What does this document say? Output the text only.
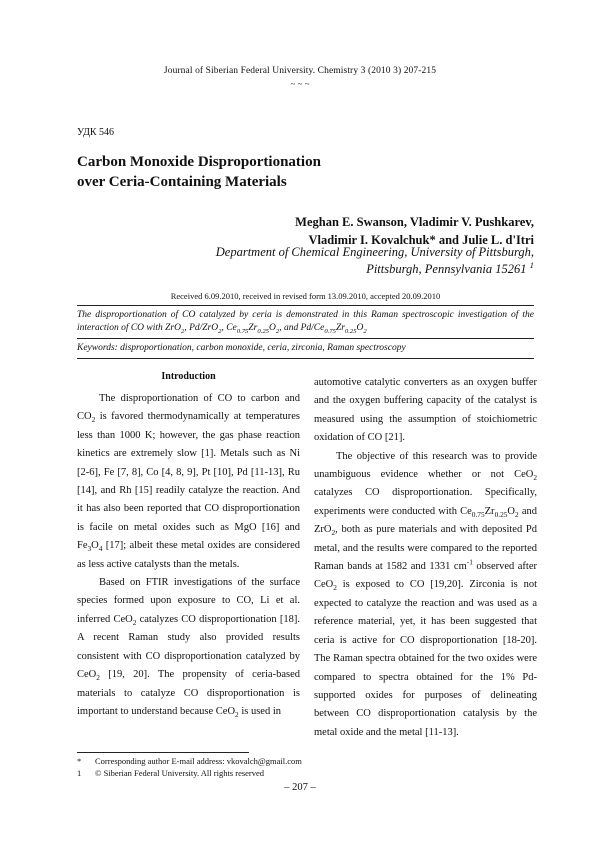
Journal of Siberian Federal University. Chemistry 3 (2010 3) 207-215
~ ~ ~
УДК 546
Carbon Monoxide Disproportionation
over Ceria-Containing Materials
Meghan E. Swanson, Vladimir V. Pushkarev,
Vladimir I. Kovalchuk* and Julie L. d'Itri
Department of Chemical Engineering, University of Pittsburgh,
Pittsburgh, Pennsylvania 15261 $^1$
Received 6.09.2010, received in revised form 13.09.2010, accepted 20.09.2010
The disproportionation of CO catalyzed by ceria is demonstrated in this Raman spectroscopic investigation of the interaction of CO with ZrO$_2$, Pd/ZrO$_2$, $Ce_{0.75}Zr_{0.25}O_2$, and $Pd/Ce_{0.75}Zr_{0.25}O_2$
Keywords: disproportionation, carbon monoxide, ceria, zirconia, Raman spectroscopy
Introduction

The disproportionation of CO to carbon and $CO_2$ is favored thermodynamically at temperatures less than 1000 K; however, the gas phase reaction kinetics are extremely slow [1]. Metals such as Ni [2-6], Fe [7, 8], Co [4, 8, 9], Pt [10], Pd [11-13], Ru [14], and Rh [15] readily catalyze the reaction. And it has also been reported that CO disproportionation is facile on metal oxides such as MgO [16] and $Fe_3O_4$ [17]; albeit these metal oxides are considered as less active catalysts than the metals.

Based on FTIR investigations of the surface species formed upon exposure to CO, Li et al. inferred CeO$_2$ catalyzes CO disproportionation [18]. A recent Raman study also provided results consistent with CO disproportionation catalyzed by CeO$_2$ [19, 20]. The propensity of ceria-based materials to catalyze CO disproportionation is important to understand because CeO$_2$ is used in

automotive catalytic converters as an oxygen buffer and the oxygen buffering capacity of the catalyst is measured using the assumption of stoichiometric oxidation of CO [21].

The objective of this research was to provide unambiguous evidence whether or not CeO$_2$ catalyzes CO disproportionation. Specifically, experiments were conducted with $Ce_{0.75}Zr_{0.25}O_2$ and ZrO$_2$, both as pure materials and with deposited Pd metal, and the results were compared to the reported Raman bands at 1582 and 1331 $cm^{-1}$ observed after CeO$_2$ is exposed to CO [19,20]. Zirconia is not expected to catalyze the reaction and was used as a reference material, yet, it has been suggested that ceria is active for CO disproportionation [18-20]. The Raman spectra obtained for the two oxides were compared to spectra obtained for the 1% Pd-supported oxides for purposes of delineating between CO disproportionation catalysis by the metal oxide and the metal [11-13].

*	Corresponding author E-mail address: vkovalch@gmail.com
1	© Siberian Federal University. All rights reserved
– 207 –
